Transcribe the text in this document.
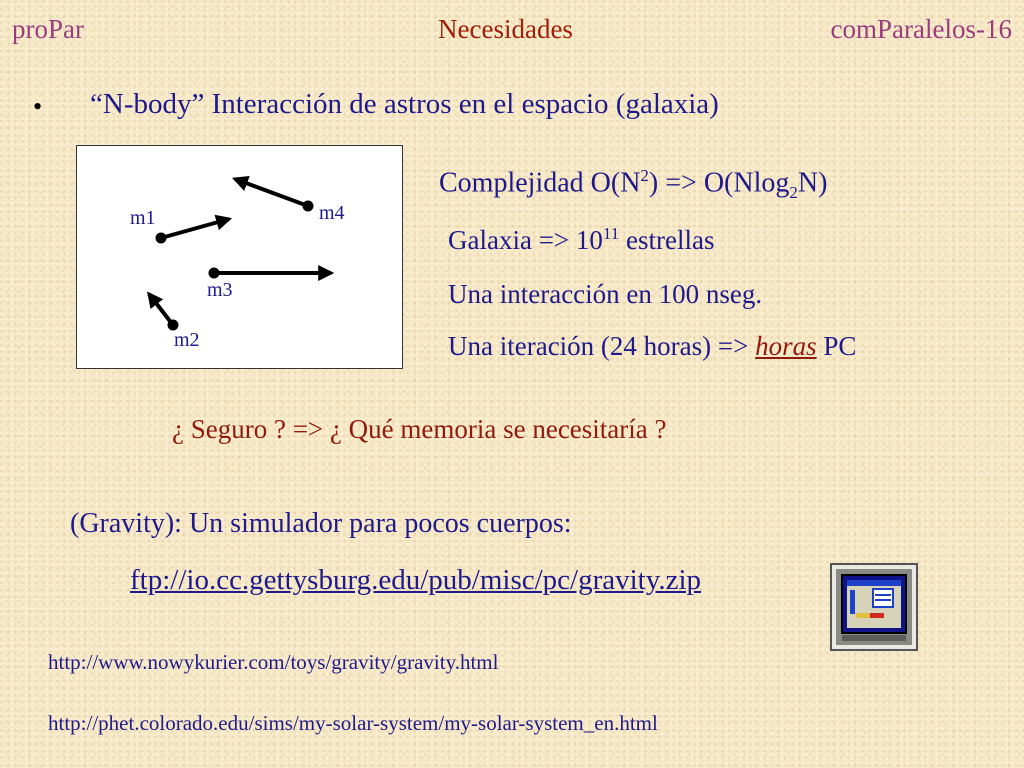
proPar	Necesidades	comParalelos-16
• “N-body” Interacción de astros en el espacio (galaxia)
m1	m4
m3
m2
Complejidad $O(N^2) => O(Nlog_2N)$
Galaxia => $10^{11}$ estrellas
Una interacción en 100 nseg.
Una iteración (24 horas) => horas PC
¿ Seguro ? => ¿ Qué memoria se necesitaría ?
(Gravity): Un simulador para pocos cuerpos:
ftp://io.cc.gettysburg.edu/pub/misc/pc/gravity.zip
http://www.nowykurier.com/toys/gravity/gravity.html
http://phet.colorado.edu/sims/my-solar-system/my-solar-system_en.html
